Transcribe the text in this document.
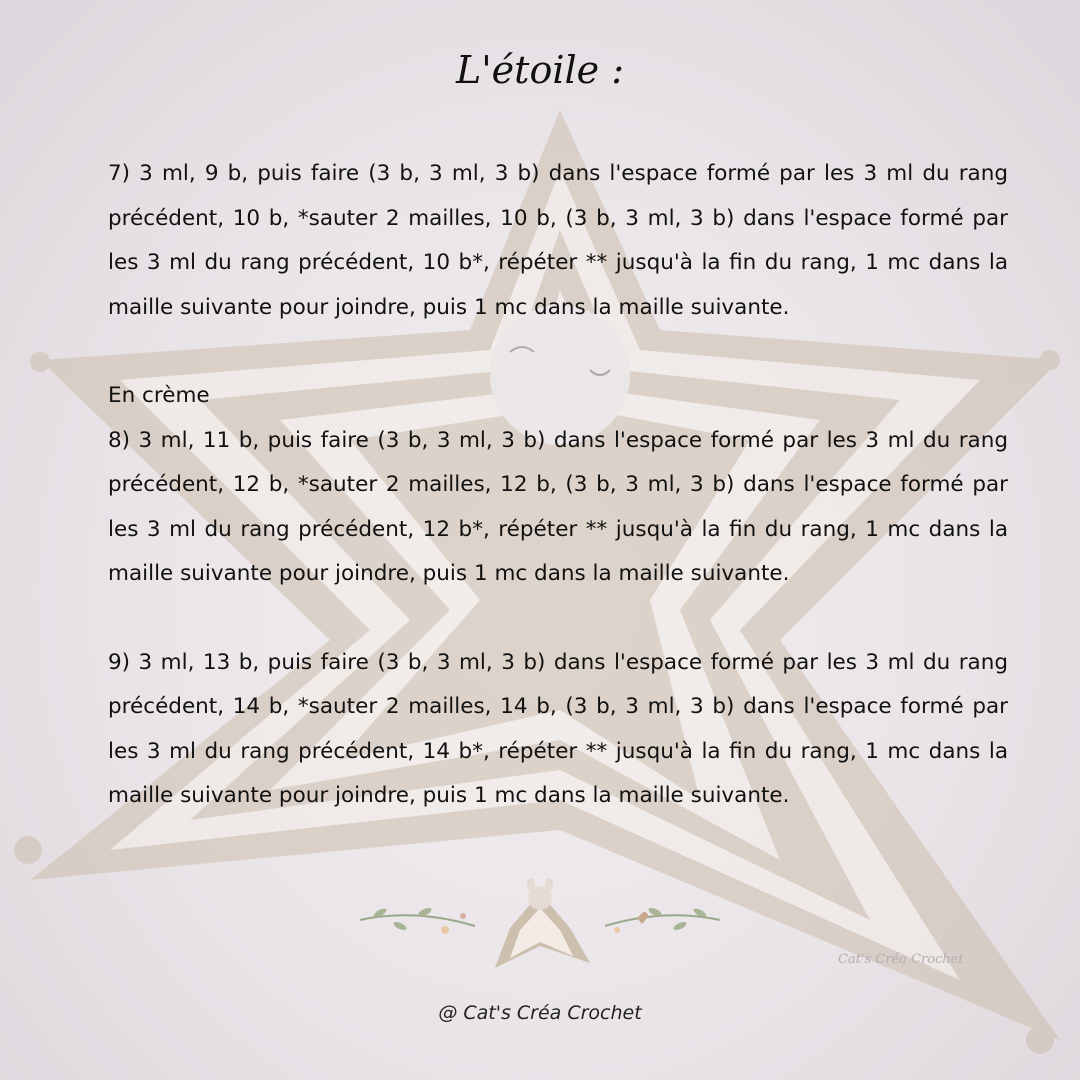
L'étoile :

7) 3 ml, 9 b, puis faire (3 b, 3 ml, 3 b) dans l'espace formé par les 3 ml du rang précédent, 10 b, *sauter 2 mailles, 10 b, (3 b, 3 ml, 3 b) dans l'espace formé par les 3 ml du rang précédent, 10 b*, répéter ** jusqu'à la fin du rang, 1 mc dans la maille suivante pour joindre, puis 1 mc dans la maille suivante.

En crème

8) 3 ml, 11 b, puis faire (3 b, 3 ml, 3 b) dans l'espace formé par les 3 ml du rang précédent, 12 b, *sauter 2 mailles, 12 b, (3 b, 3 ml, 3 b) dans l'espace formé par les 3 ml du rang précédent, 12 b*, répéter ** jusqu'à la fin du rang, 1 mc dans la maille suivante pour joindre, puis 1 mc dans la maille suivante.

9) 3 ml, 13 b, puis faire (3 b, 3 ml, 3 b) dans l'espace formé par les 3 ml du rang précédent, 14 b, *sauter 2 mailles, 14 b, (3 b, 3 ml, 3 b) dans l'espace formé par les 3 ml du rang précédent, 14 b*, répéter ** jusqu'à la fin du rang, 1 mc dans la maille suivante pour joindre, puis 1 mc dans la maille suivante.

Cat's Créa Crochet
@ Cat's Créa Crochet
